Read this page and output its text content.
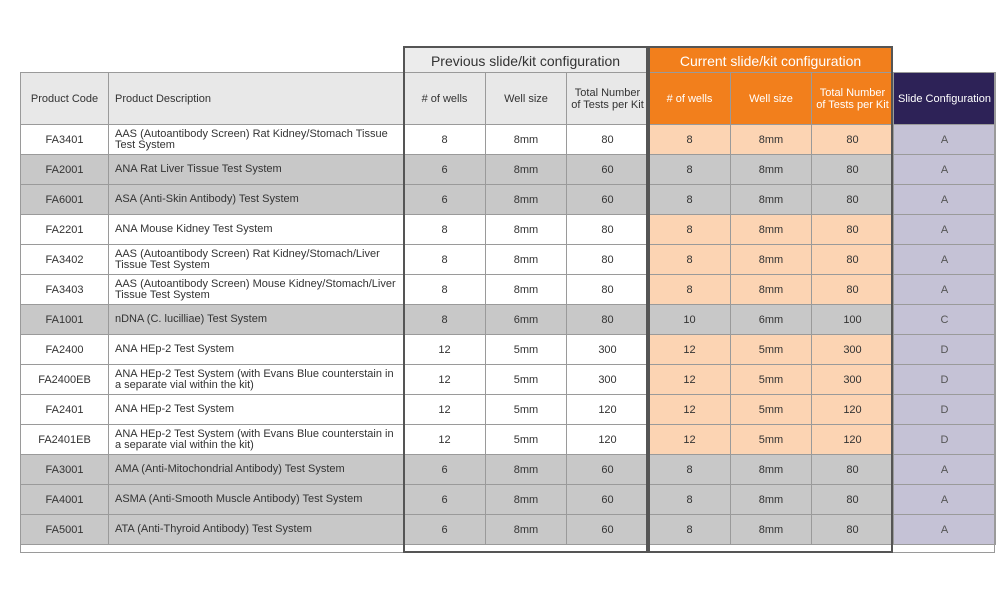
Previous slide/kit configuration	Current slide/kit configuration
Product Code	Product Description	# of wells	Well size	Total Number of Tests per Kit	# of wells	Well size	Total Number of Tests per Kit	Slide Configuration
FA3401	AAS (Autoantibody Screen) Rat Kidney/Stomach Tissue Test System	8	8mm	80	8	8mm	80	A
FA2001	ANA Rat Liver Tissue Test System	6	8mm	60	8	8mm	80	A
FA6001	ASA (Anti-Skin Antibody) Test System	6	8mm	60	8	8mm	80	A
FA2201	ANA Mouse Kidney Test System	8	8mm	80	8	8mm	80	A
FA3402	AAS (Autoantibody Screen) Rat Kidney/Stomach/Liver Tissue Test System	8	8mm	80	8	8mm	80	A
FA3403	AAS (Autoantibody Screen) Mouse Kidney/Stomach/Liver Tissue Test System	8	8mm	80	8	8mm	80	A
FA1001	nDNA (C. lucilliae) Test System	8	6mm	80	10	6mm	100	C
FA2400	ANA HEp-2 Test System	12	5mm	300	12	5mm	300	D
FA2400EB	ANA HEp-2 Test System (with Evans Blue counterstain in a separate vial within the kit)	12	5mm	300	12	5mm	300	D
FA2401	ANA HEp-2 Test System	12	5mm	120	12	5mm	120	D
FA2401EB	ANA HEp-2 Test System (with Evans Blue counterstain in a separate vial within the kit)	12	5mm	120	12	5mm	120	D
FA3001	AMA (Anti-Mitochondrial Antibody) Test System	6	8mm	60	8	8mm	80	A
FA4001	ASMA (Anti-Smooth Muscle Antibody) Test System	6	8mm	60	8	8mm	80	A
FA5001	ATA (Anti-Thyroid Antibody) Test System	6	8mm	60	8	8mm	80	A
